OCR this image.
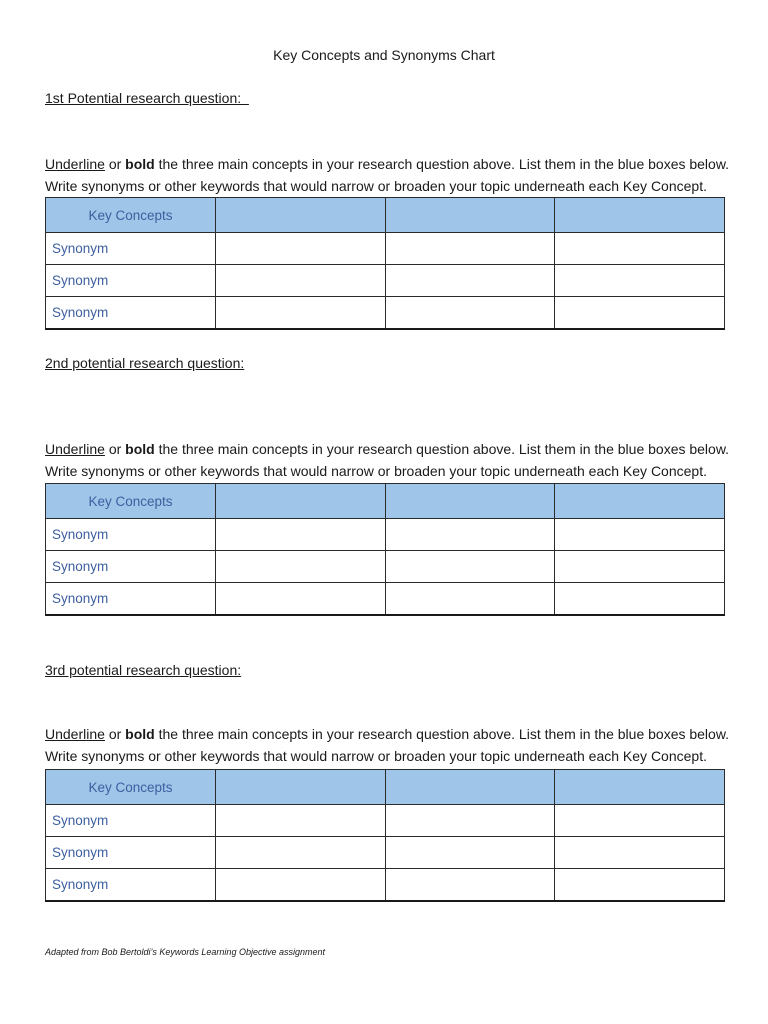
Key Concepts and Synonyms Chart
1st Potential research question:
Underline or bold the three main concepts in your research question above. List them in the blue boxes below.
Write synonyms or other keywords that would narrow or broaden your topic underneath each Key Concept.
Key Concepts			
Synonym			
Synonym			
Synonym			
2nd potential research question:
Underline or bold the three main concepts in your research question above. List them in the blue boxes below.
Write synonyms or other keywords that would narrow or broaden your topic underneath each Key Concept.
Key Concepts			
Synonym			
Synonym			
Synonym			
3rd potential research question:
Underline or bold the three main concepts in your research question above. List them in the blue boxes below.
Write synonyms or other keywords that would narrow or broaden your topic underneath each Key Concept.
Key Concepts			
Synonym			
Synonym			
Synonym			
Adapted from Bob Bertoldi’s Keywords Learning Objective assignment
